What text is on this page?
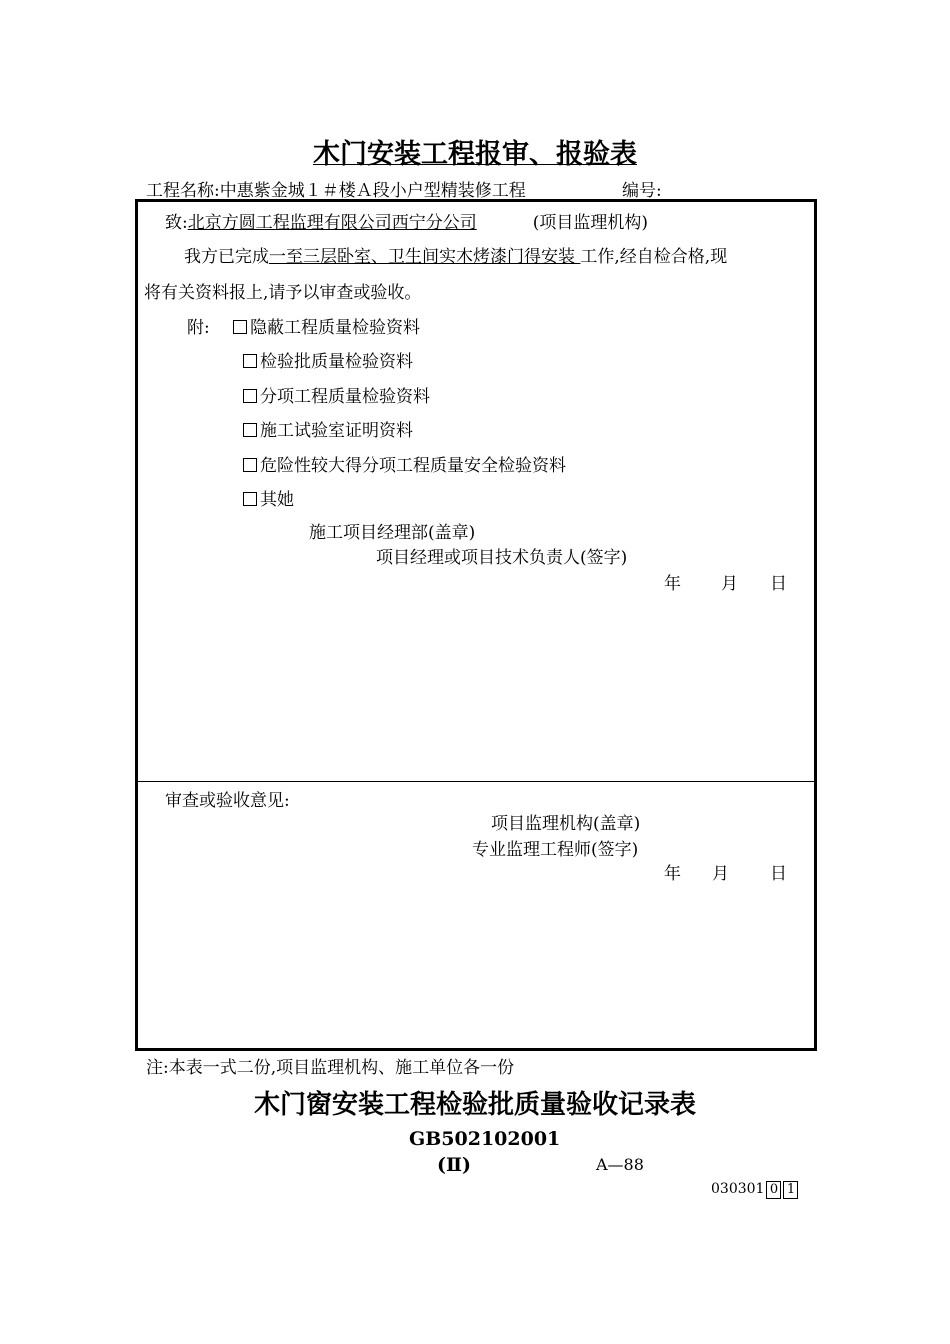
木门安装工程报审、报验表
工程名称:中惠紫金城１＃楼Ａ段小户型精装修工程	编号:
致:北京方圆工程监理有限公司西宁分公司	(项目监理机构)
我方已完成一至三层卧室、卫生间实木烤漆门得安装 工作,经自检合格,现
将有关资料报上,请予以审查或验收。
附:	隐蔽工程质量检验资料
检验批质量检验资料
分项工程质量检验资料
施工试验室证明资料
危险性较大得分项工程质量安全检验资料
其她
施工项目经理部(盖章)
项目经理或项目技术负责人(签字)
年 月 日
审查或验收意见:
项目监理机构(盖章)
专业监理工程师(签字)
年 月 日
注:本表一式二份,项目监理机构、施工单位各一份
木门窗安装工程检验批质量验收记录表
GB502102001
(Ⅱ)	A—88
030301 0 1
